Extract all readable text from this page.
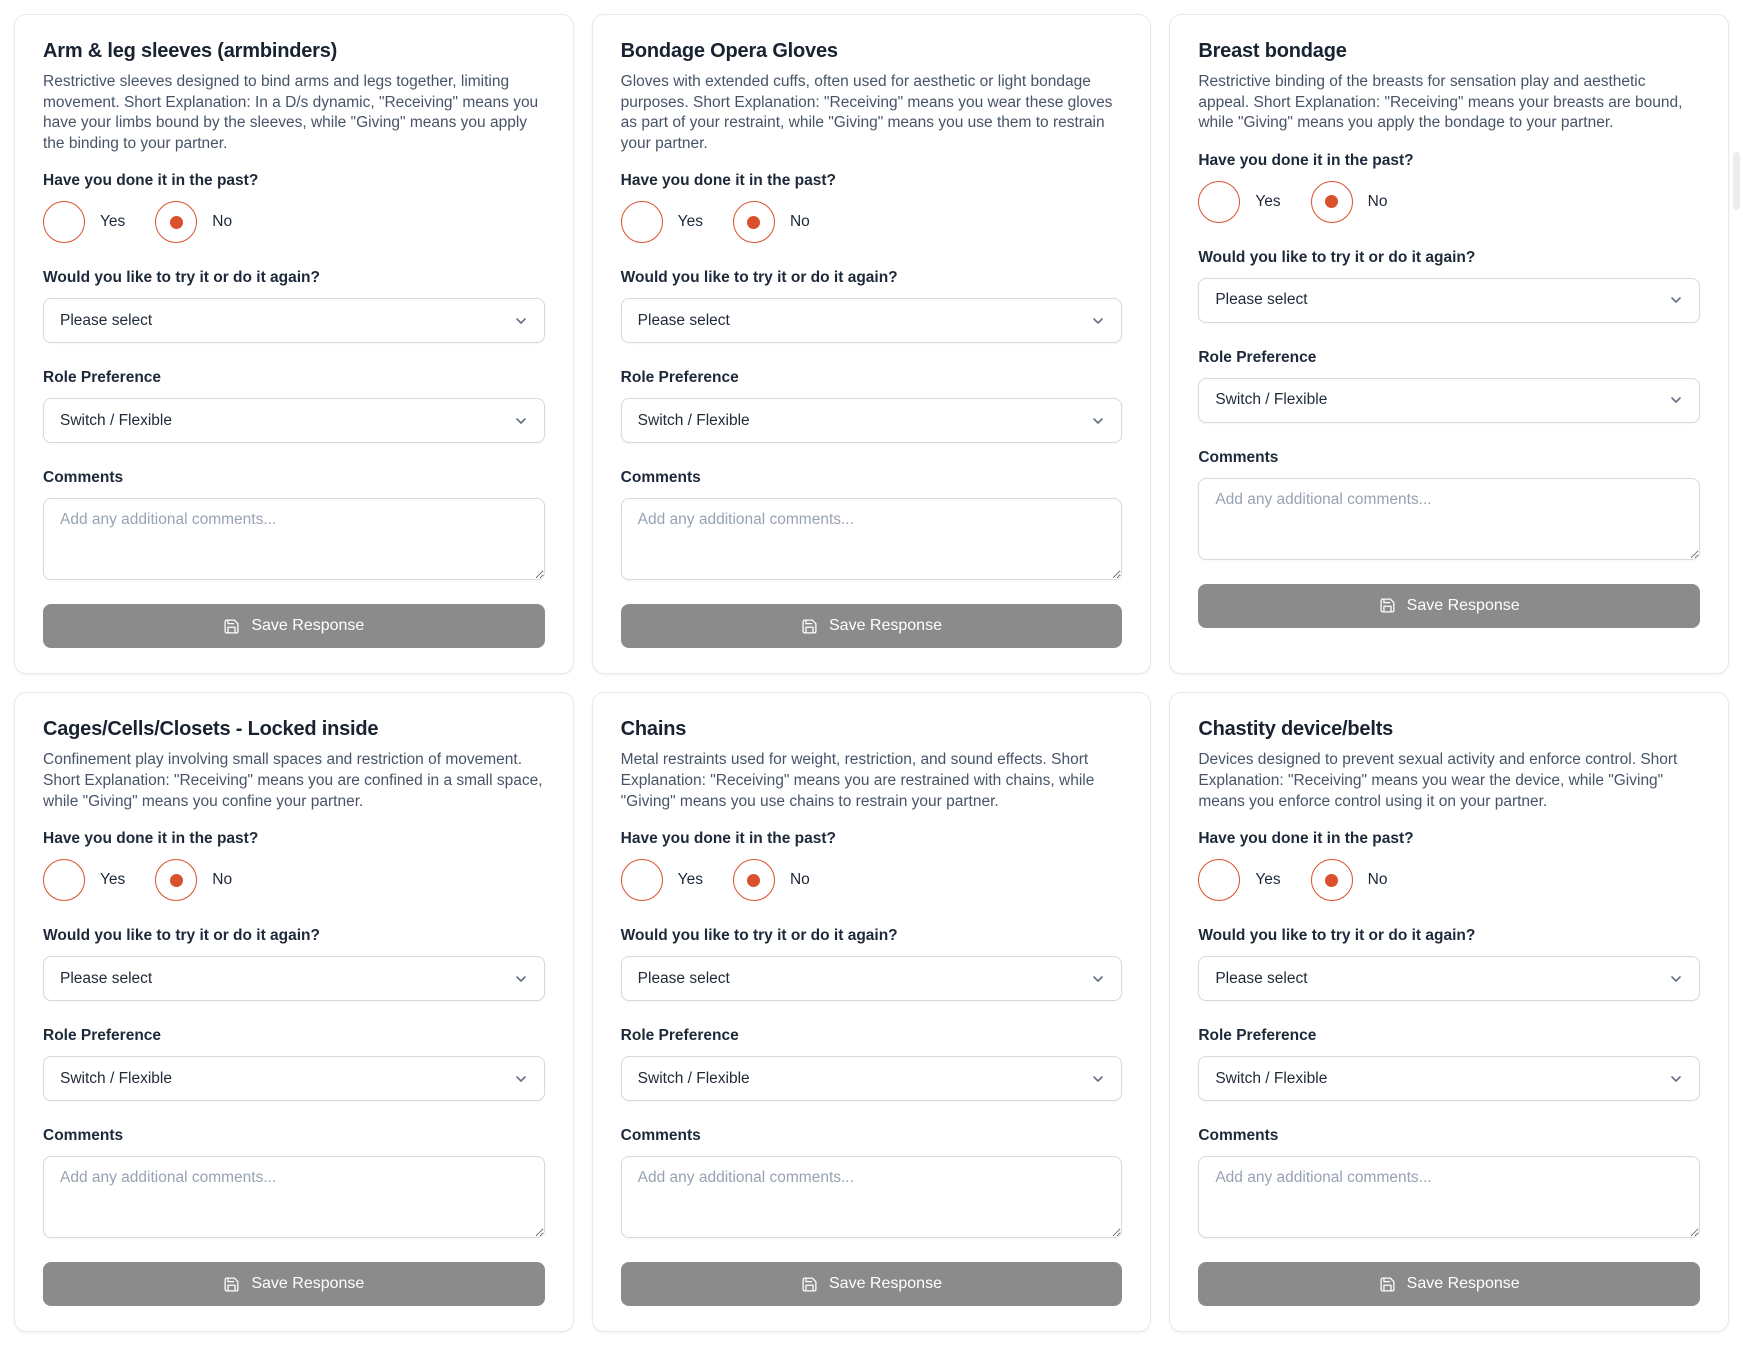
Arm & leg sleeves (armbinders)
Restrictive sleeves designed to bind arms and legs together, limiting movement. Short Explanation: In a D/s dynamic, "Receiving" means you have your limbs bound by the sleeves, while "Giving" means you apply the binding to your partner.
Have you done it in the past?
Yes	No
Would you like to try it or do it again?
Please select
Role Preference
Switch / Flexible
Comments
Add any additional comments...
Save Response
Bondage Opera Gloves
Gloves with extended cuffs, often used for aesthetic or light bondage purposes. Short Explanation: "Receiving" means you wear these gloves as part of your restraint, while "Giving" means you use them to restrain your partner.
Have you done it in the past?
Yes	No
Would you like to try it or do it again?
Please select
Role Preference
Switch / Flexible
Comments
Add any additional comments...
Save Response
Breast bondage
Restrictive binding of the breasts for sensation play and aesthetic appeal. Short Explanation: "Receiving" means your breasts are bound, while "Giving" means you apply the bondage to your partner.
Have you done it in the past?
Yes	No
Would you like to try it or do it again?
Please select
Role Preference
Switch / Flexible
Comments
Add any additional comments...
Save Response
Cages/Cells/Closets - Locked inside
Confinement play involving small spaces and restriction of movement. Short Explanation: "Receiving" means you are confined in a small space, while "Giving" means you confine your partner.
Have you done it in the past?
Yes	No
Would you like to try it or do it again?
Please select
Role Preference
Switch / Flexible
Comments
Add any additional comments...
Save Response
Chains
Metal restraints used for weight, restriction, and sound effects. Short Explanation: "Receiving" means you are restrained with chains, while "Giving" means you use chains to restrain your partner.
Have you done it in the past?
Yes	No
Would you like to try it or do it again?
Please select
Role Preference
Switch / Flexible
Comments
Add any additional comments...
Save Response
Chastity device/belts
Devices designed to prevent sexual activity and enforce control. Short Explanation: "Receiving" means you wear the device, while "Giving" means you enforce control using it on your partner.
Have you done it in the past?
Yes	No
Would you like to try it or do it again?
Please select
Role Preference
Switch / Flexible
Comments
Add any additional comments...
Save Response
